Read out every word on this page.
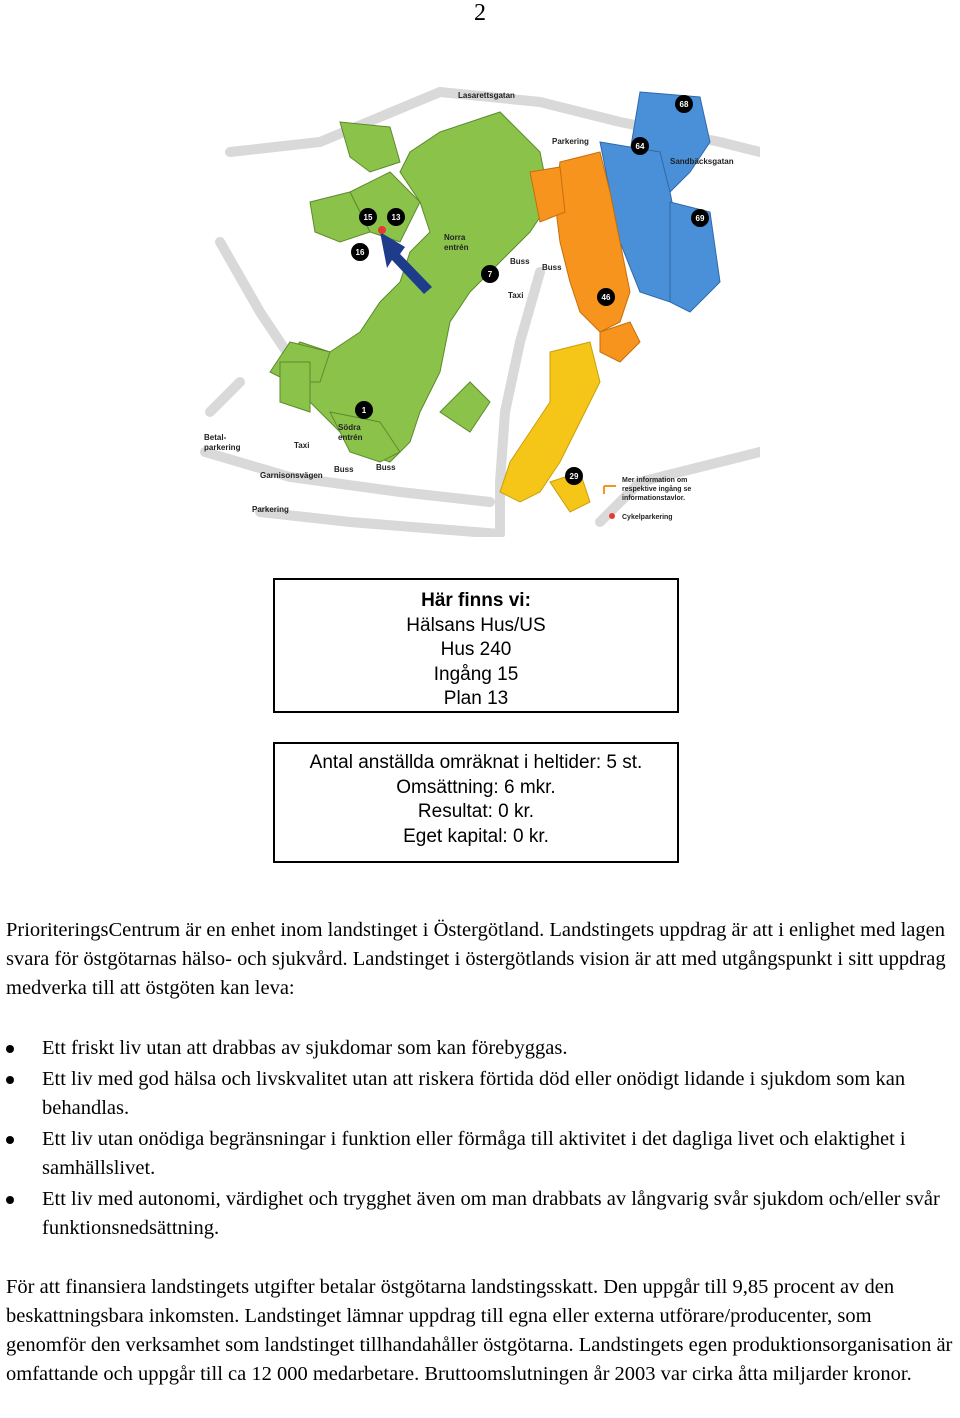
2
68
64
69
46
15 13
16
7
1
29
Lasarettsgatan
Sandbäcksgatan
Garnisonsvägen
Parkering
Buss
Taxi
Betal-
parkering
Parkering
Buss	Buss
Taxi
Buss
Norra
entrén
Södra
entrén
Mer information om
respektive ingång se
informationstavlor.
Cykelparkering
Här finns vi:
Hälsans Hus/US
Hus 240
Ingång 15
Plan 13
Antal anställda omräknat i heltider: 5 st.
Omsättning: 6 mkr.
Resultat: 0 kr.
Eget kapital: 0 kr.
PrioriteringsCentrum är en enhet inom landstinget i Östergötland. Landstingets uppdrag är att i enlighet med lagen svara för östgötarnas hälso- och sjukvård. Landstinget i östergötlands vision är att med utgångspunkt i sitt uppdrag medverka till att östgöten kan leva:
Ett friskt liv utan att drabbas av sjukdomar som kan förebyggas.
Ett liv med god hälsa och livskvalitet utan att riskera förtida död eller onödigt lidande i sjukdom som kan behandlas.
Ett liv utan onödiga begränsningar i funktion eller förmåga till aktivitet i det dagliga livet och elaktighet i samhällslivet.
Ett liv med autonomi, värdighet och trygghet även om man drabbats av långvarig svår sjukdom och/eller svår funktionsnedsättning.
För att finansiera landstingets utgifter betalar östgötarna landstingsskatt. Den uppgår till 9,85 procent av den beskattningsbara inkomsten. Landstinget lämnar uppdrag till egna eller externa utförare/producenter, som genomför den verksamhet som landstinget tillhandahåller östgötarna. Landstingets egen produktionsorganisation är omfattande och uppgår till ca 12 000 medarbetare. Bruttoomslutningen år 2003 var cirka åtta miljarder kronor.
